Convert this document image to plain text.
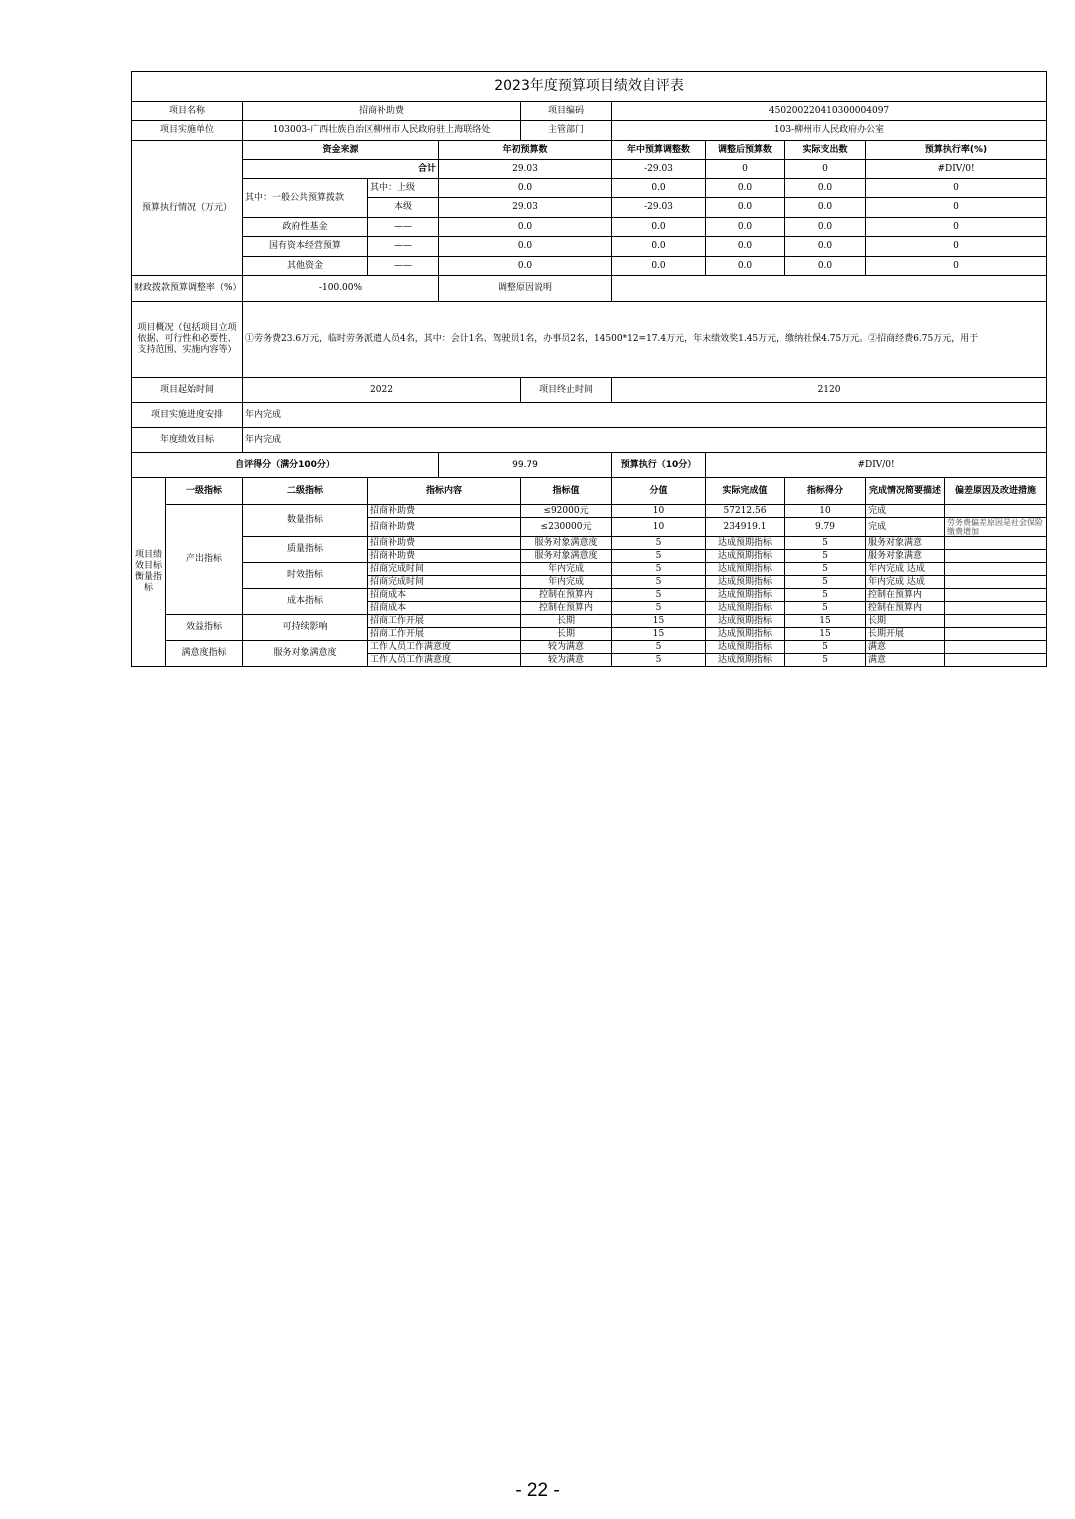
2023年度预算项目绩效自评表										
项目名称		招商补助费			项目编码	450200220410300004097				
项目实施单位		103003-广西壮族自治区柳州市人民政府驻上海联络处			主管部门	103-柳州市人民政府办公室				
预算执行情况（万元）		资金来源		年初预算数		年中预算调整数	调整后预算数	实际支出数	预算执行率(%)	
		合计		29.03		-29.03	0	0	#DIV/0!	
		其中：一般公共预算拨款	其中：上级	0.0		0.0	0.0	0.0	0	
			本级	29.03		-29.03	0.0	0.0	0	
		政府性基金	——	0.0		0.0	0.0	0.0	0	
		国有资本经营预算	——	0.0		0.0	0.0	0.0	0	
		其他资金	——	0.0		0.0	0.0	0.0	0	
财政拨款预算调整率（%）		-100.00%		调整原因说明						
项目概况（包括项目立项依据、可行性和必要性、支持范围、实施内容等）		①劳务费23.6万元，临时劳务派遣人员4名，其中：会计1名、驾驶员1名，办事员2名，14500*12=17.4万元，年末绩效奖1.45万元，缴纳社保4.75万元。②招商经费6.75万元，用于								
项目起始时间		2022			项目终止时间	2120				
项目实施进度安排		年内完成								
年度绩效目标		年内完成								
自评得分（满分100分）				99.79		预算执行（10分）	#DIV/0!			
项目绩效目标衡量指标	一级指标	二级指标	指标内容		指标值	分值	实际完成值	指标得分	完成情况简要描述	偏差原因及改进措施
	产出指标	数量指标	招商补助费		≤92000元	10	57212.56	10	完成	
			招商补助费		≤230000元	10	234919.1	9.79	完成	劳务费偏差原因是社会保险缴费增加
		质量指标	招商补助费		服务对象满意度	5	达成预期指标	5	服务对象满意	
			招商补助费		服务对象满意度	5	达成预期指标	5	服务对象满意	
		时效指标	招商完成时间		年内完成	5	达成预期指标	5	年内完成 达成	
			招商完成时间		年内完成	5	达成预期指标	5	年内完成 达成	
		成本指标	招商成本		控制在预算内	5	达成预期指标	5	控制在预算内	
			招商成本		控制在预算内	5	达成预期指标	5	控制在预算内	
	效益指标	可持续影响	招商工作开展		长期	15	达成预期指标	15	长期	
			招商工作开展		长期	15	达成预期指标	15	长期开展	
	满意度指标	服务对象满意度	工作人员工作满意度		较为满意	5	达成预期指标	5	满意	
			工作人员工作满意度		较为满意	5	达成预期指标	5	满意	
- 22 -
